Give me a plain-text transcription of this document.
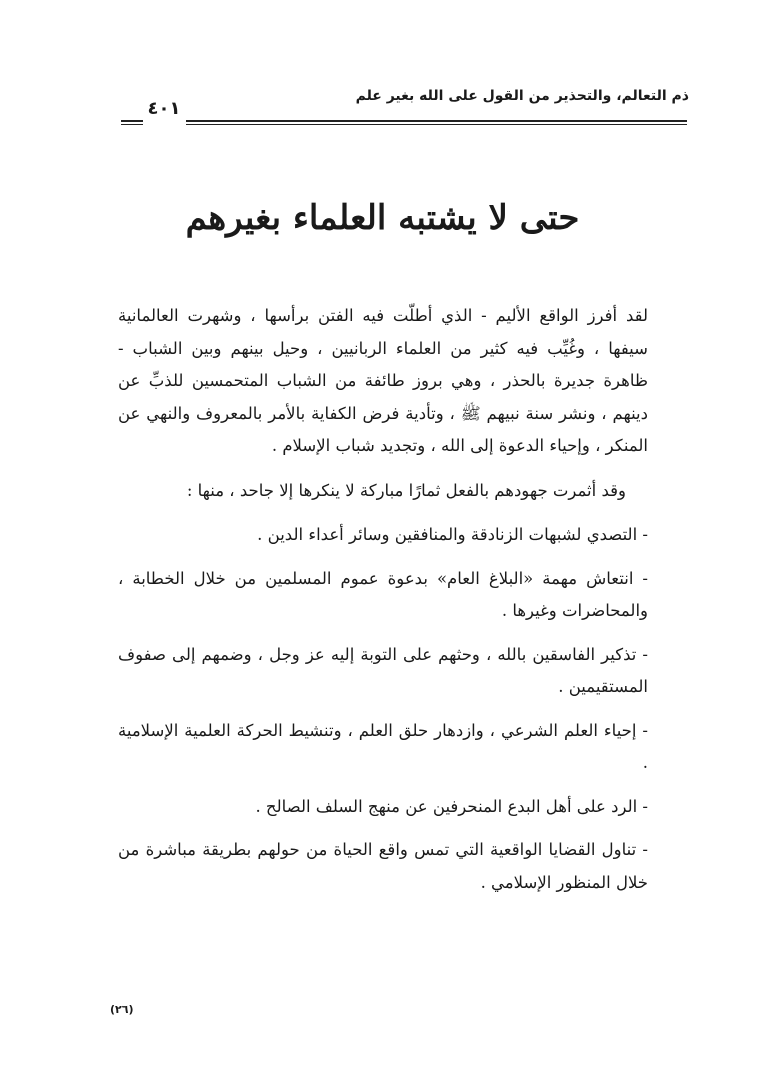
ذم التعالم، والتحذير من القول على الله بغير علم
٤٠١
حتى لا يشتبه العلماء بغيرهم

لقد أفرز الواقع الأليم - الذي أطلّت فيه الفتن برأسها ، وشهرت العالمانية سيفها ، وغُيِّب فيه كثير من العلماء الربانيين ، وحيل بينهم وبين الشباب - ظاهرة جديرة بالحذر ، وهي بروز طائفة من الشباب المتحمسين للذبِّ عن دينهم ، ونشر سنة نبيهم ﷺ ، وتأدية فرض الكفاية بالأمر بالمعروف والنهي عن المنكر ، وإحياء الدعوة إلى الله ، وتجديد شباب الإسلام .

وقد أثمرت جهودهم بالفعل ثمارًا مباركة لا ينكرها إلا جاحد ، منها :

- التصدي لشبهات الزنادقة والمنافقين وسائر أعداء الدين .

- انتعاش مهمة «البلاغ العام» بدعوة عموم المسلمين من خلال الخطابة ، والمحاضرات وغيرها .

- تذكير الفاسقين بالله ، وحثهم على التوبة إليه عز وجل ، وضمهم إلى صفوف المستقيمين .

- إحياء العلم الشرعي ، وازدهار حلق العلم ، وتنشيط الحركة العلمية الإسلامية .

- الرد على أهل البدع المنحرفين عن منهج السلف الصالح .

- تناول القضايا الواقعية التي تمس واقع الحياة من حولهم بطريقة مباشرة من خلال المنظور الإسلامي .

(٢٦)
